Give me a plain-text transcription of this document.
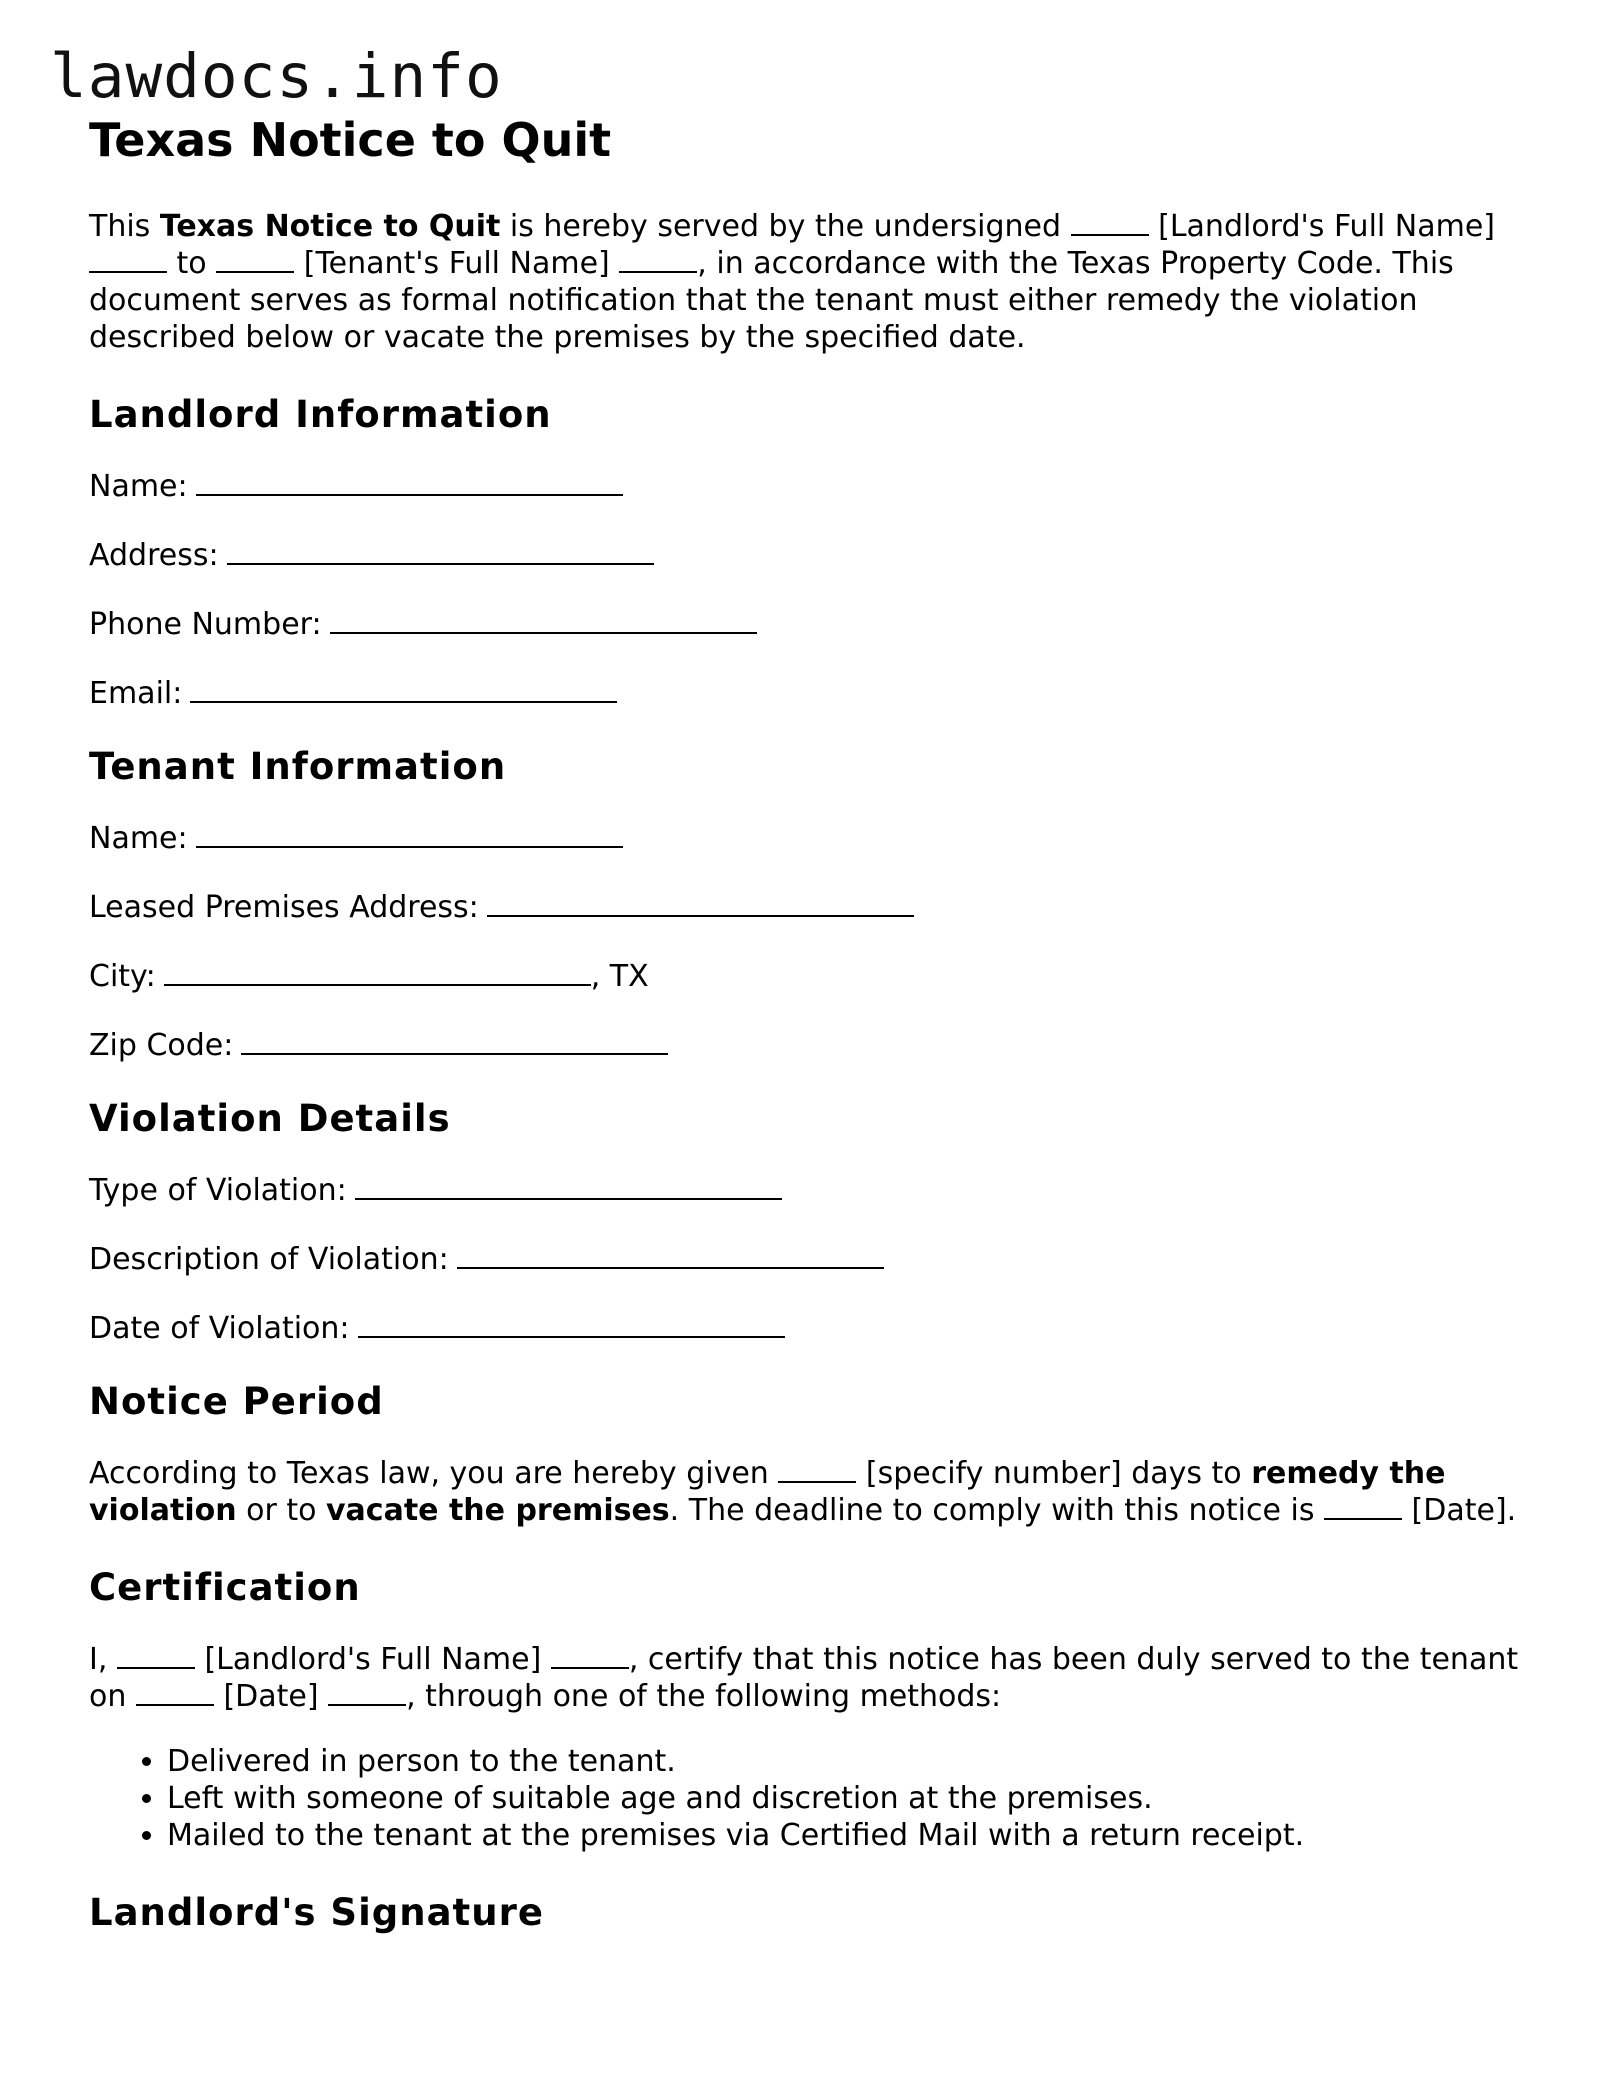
lawdocs.info
Texas Notice to Quit

This Texas Notice to Quit is hereby served by the undersigned	[Landlord's Full Name]  to	[Tenant's Full Name]	, in accordance with the Texas Property Code. This document serves as formal notification that the tenant must either remedy the violation described below or vacate the premises by the specified date.

Landlord Information

Name:

Address:

Phone Number:

Email:

Tenant Information

Name:

Leased Premises Address:

City:	, TX

Zip Code:

Violation Details

Type of Violation:

Description of Violation:

Date of Violation:

Notice Period

According to Texas law, you are hereby given	[specify number] days to remedy the violation or to vacate the premises. The deadline to comply with this notice is	[Date].

Certification

I,	[Landlord's Full Name]	, certify that this notice has been duly served to the tenant on	[Date]	, through one of the following methods:

• Delivered in person to the tenant.
• Left with someone of suitable age and discretion at the premises.
• Mailed to the tenant at the premises via Certified Mail with a return receipt.
Landlord's Signature
